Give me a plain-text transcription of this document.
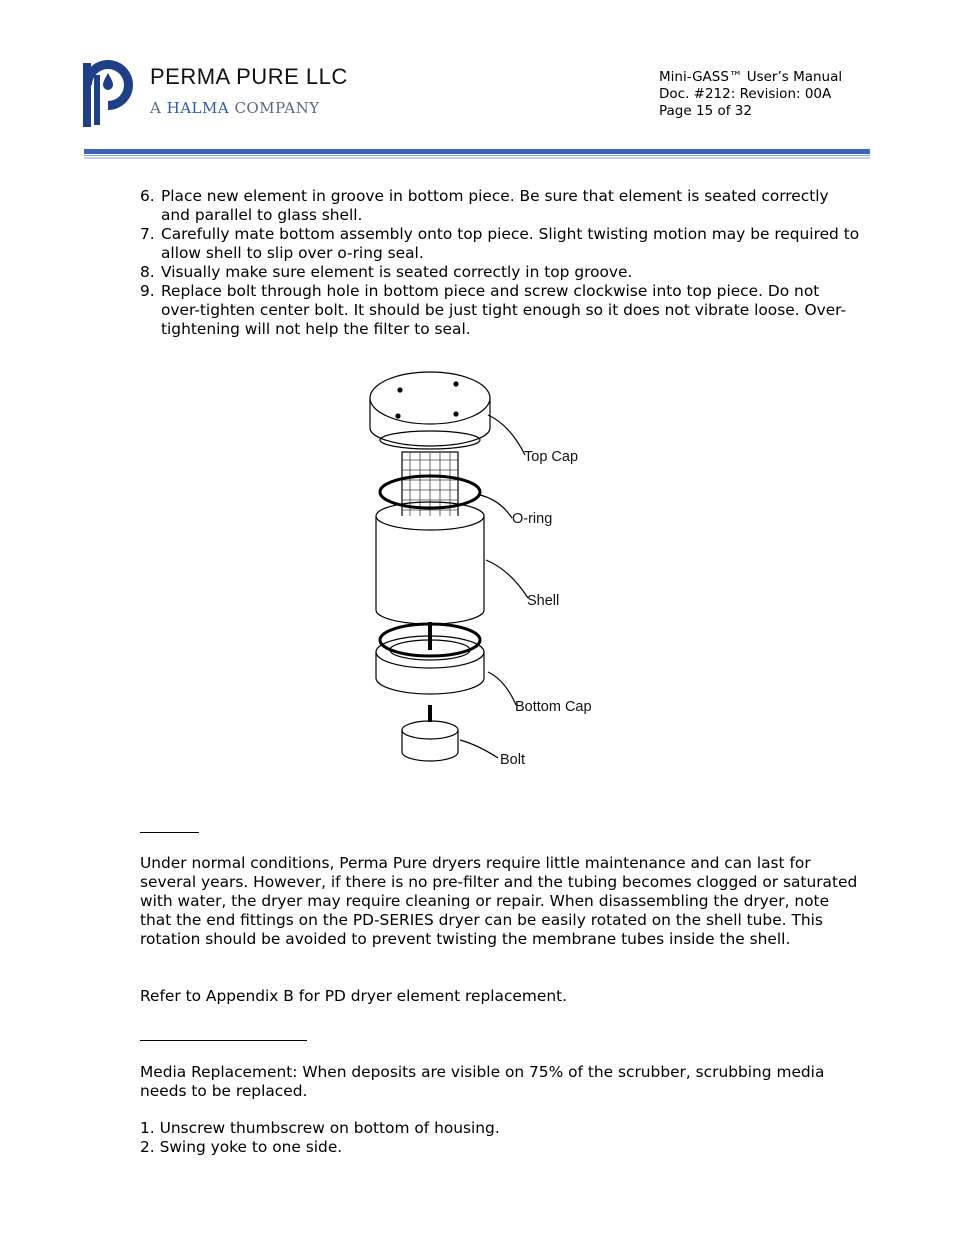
PERMA PURE LLC
A HALMA COMPANY
Mini-GASS™ User’s Manual
Doc. #212: Revision: 00A
Page 15 of 32
6. Place new element in groove in bottom piece. Be sure that element is seated correctly and parallel to glass shell.
7. Carefully mate bottom assembly onto top piece. Slight twisting motion may be required to allow shell to slip over o-ring seal.
8. Visually make sure element is seated correctly in top groove.
9. Replace bolt through hole in bottom piece and screw clockwise into top piece. Do not over-tighten center bolt. It should be just tight enough so it does not vibrate loose. Over-tightening will not help the filter to seal.
Top Cap
O-ring
Shell
Bottom Cap
Bolt

Under normal conditions, Perma Pure dryers require little maintenance and can last for several years. However, if there is no pre-filter and the tubing becomes clogged or saturated with water, the dryer may require cleaning or repair. When disassembling the dryer, note that the end fittings on the PD-SERIES dryer can be easily rotated on the shell tube. This rotation should be avoided to prevent twisting the membrane tubes inside the shell.

Refer to Appendix B for PD dryer element replacement.

Media Replacement: When deposits are visible on 75% of the scrubber, scrubbing media needs to be replaced.

1. Unscrew thumbscrew on bottom of housing.

2. Swing yoke to one side.
